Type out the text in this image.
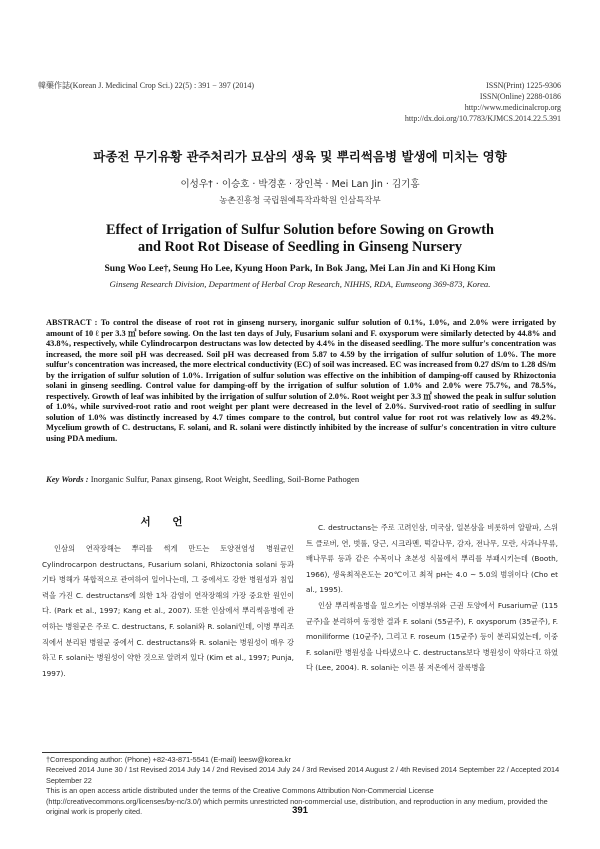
韓藥作誌(Korean J. Medicinal Crop Sci.) 22(5) : 391 − 397 (2014)	ISSN(Print) 1225-9306
ISSN(Online) 2288-0186
http://www.medicinalcrop.org
http://dx.doi.org/10.7783/KJMCS.2014.22.5.391
파종전 무기유황 관주처리가 묘삼의 생육 및 뿌리썩음병 발생에 미치는 영향
이성우† · 이승호 · 박경훈 · 장인복 · Mei Lan Jin · 김기홍
농촌진흥청 국립원예특작과학원 인삼특작부
Effect of Irrigation of Sulfur Solution before Sowing on Growth
and Root Rot Disease of Seedling in Ginseng Nursery
Sung Woo Lee†, Seung Ho Lee, Kyung Hoon Park, In Bok Jang, Mei Lan Jin and Ki Hong Kim
Ginseng Research Division, Department of Herbal Crop Research, NIHHS, RDA, Eumseong 369-873, Korea.
ABSTRACT : To control the disease of root rot in ginseng nursery, inorganic sulfur solution of 0.1%, 1.0%, and 2.0% were irrigated by amount of 10 ℓ per 3.3 ㎡ before sowing. On the last ten days of July, Fusarium solani and F. oxysporum were similarly detected by 44.8% and 43.8%, respectively, while Cylindrocarpon destructans was low detected by 4.4% in the diseased seedling. The more sulfur's concentration was increased, the more soil pH was decreased. Soil pH was decreased from 5.87 to 4.59 by the irrigation of sulfur solution of 1.0%. The more sulfur's concentration was increased, the more electrical conductivity (EC) of soil was increased. EC was increased from 0.27 dS/m to 1.28 dS/m by the irrigation of sulfur solution of 1.0%. Irrigation of sulfur solution was effective on the inhibition of damping-off caused by Rhizoctonia solani in ginseng seedling. Control value for damping-off by the irrigation of sulfur solution of 1.0% and 2.0% were 75.7%, and 78.5%, respectively. Growth of leaf was inhibited by the irrigation of sulfur solution of 2.0%. Root weight per 3.3 ㎡ showed the peak in sulfur solution of 1.0%, while survived-root ratio and root weight per plant were decreased in the level of 2.0%. Survived-root ratio of seedling in sulfur solution of 1.0% was distinctly increased by 4.7 times compare to the control, but control value for root rot was relatively low as 49.2%. Mycelium growth of C. destructans, F. solani, and R. solani were distinctly inhibited by the increase of sulfur's concentration in vitro culture using PDA medium.
Key Words : Inorganic Sulfur, Panax ginseng, Root Weight, Seedling, Soil-Borne Pathogen
서 언

인삼의 연작장해는 뿌리를 썩게 만드는 토양전염성 병원균인 Cylindrocarpon destructans, Fusarium solani, Rhizoctonia solani 등과 기타 병해가 복합적으로 관여하여 일어나는데, 그 중에서도 강한 병원성과 침입력을 가진 C. destructans에 의한 1차 감염이 연작장해의 가장 중요한 원인이다. (Park et al., 1997; Kang et al., 2007). 또한 인삼에서 뿌리썩음병에 관여하는 병원균은 주로 C. destructans, F. solani와 R. solani인데, 이병 뿌리조직에서 분리된 병원균 중에서 C. destructans와 R. solani는 병원성이 매우 강하고 F. solani는 병원성이 약한 것으로 알려져 있다 (Kim et al., 1997; Punja, 1997).

C. destructans는 주로 고려인삼, 미국삼, 일본삼을 비롯하여 알팔파, 스위트 클로버, 연, 벗풀, 당근, 시크라멘, 떡갈나무, 감자, 전나무, 모란, 사과나무류, 배나무류 등과 같은 수목이나 초본성 식물에서 뿌리를 부패시키는데 (Booth, 1966), 생육최적온도는 20℃이고 최적 pH는 4.0 ~ 5.0의 범위이다 (Cho et al., 1995).

인삼 뿌리썩음병을 일으키는 이병부위와 근권 토양에서 Fusarium균 (115균주)을 분리하여 동정한 결과 F. solani (55균주), F. oxysporum (35균주), F. moniliforme (10균주), 그리고 F. roseum (15균주) 등이 분리되었는데, 이중 F. solani만 병원성을 나타냈으나 C. destructans보다 병원성이 약하다고 하였다 (Lee, 2004). R. solani는 이른 봄 저온에서 잘록병을

†Corresponding author: (Phone) +82-43-871-5541 (E-mail) leesw@korea.kr
Received 2014 June 30 / 1st Revised 2014 July 14 / 2nd Revised 2014 July 24 / 3rd Revised 2014 August 2 / 4th Revised 2014 September 22 / Accepted 2014 September 22
This is an open access article distributed under the terms of the Creative Commons Attribution Non-Commercial License (http://creativecommons.org/licenses/by-nc/3.0/) which permits unrestricted non-commercial use, distribution, and reproduction in any medium, provided the original work is properly cited.	391
